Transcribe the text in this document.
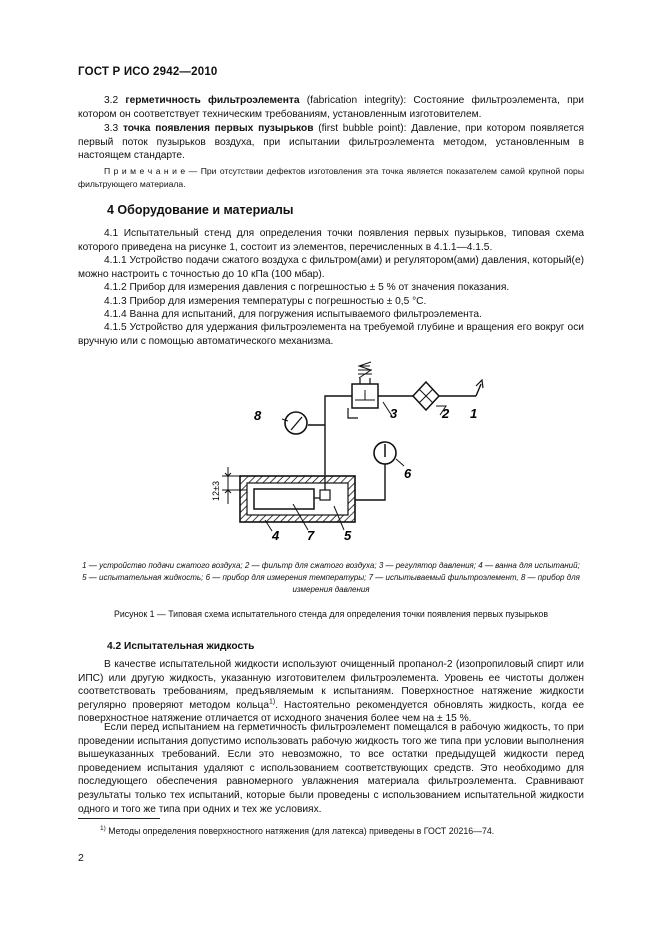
ГОСТ Р ИСО 2942—2010
3.2 герметичность фильтроэлемента (fabrication integrity): Состояние фильтроэлемента, при котором он соответствует техническим требованиям, установленным изготовителем.
3.3 точка появления первых пузырьков (first bubble point): Давление, при котором появляется первый поток пузырьков воздуха, при испытании фильтроэлемента методом, установленным в настоящем стандарте.
П р и м е ч а н и е — При отсутствии дефектов изготовления эта точка является показателем самой крупной поры фильтрующего материала.
4 Оборудование и материалы
4.1 Испытательный стенд для определения точки появления первых пузырьков, типовая схема которого приведена на рисунке 1, состоит из элементов, перечисленных в 4.1.1—4.1.5.
4.1.1 Устройство подачи сжатого воздуха с фильтром(ами) и регулятором(ами) давления, который(е) можно настроить с точностью до 10 кПа (100 мбар).
4.1.2 Прибор для измерения давления с погрешностью ± 5 % от значения показания.
4.1.3 Прибор для измерения температуры с погрешностью ± 0,5 °С.
4.1.4 Ванна для испытаний, для погружения испытываемого фильтроэлемента.
4.1.5 Устройство для удержания фильтроэлемента на требуемой глубине и вращения его вокруг оси вручную или с помощью автоматического механизма.
12±3
1
2
3
4	5
6
7
8
1 — устройство подачи сжатого воздуха; 2 — фильтр для сжатого воздуха; 3 — регулятор давления; 4 — ванна для испытаний;
5 — испытательная жидкость; 6 — прибор для измерения температуры; 7 — испытываемый фильтроэлемент, 8 — прибор для
измерения давления
Рисунок 1 — Типовая схема испытательного стенда для определения точки появления первых пузырьков
4.2 Испытательная жидкость
В качестве испытательной жидкости используют очищенный пропанол-2 (изопропиловый спирт или ИПС) или другую жидкость, указанную изготовителем фильтроэлемента. Уровень ее чистоты должен соответствовать требованиям, предъявляемым к испытаниям. Поверхностное натяжение жидкости регулярно проверяют методом кольца$^{1)}$. Настоятельно рекомендуется обновлять жидкость, когда ее поверхностное натяжение отличается от исходного значения более чем на ± 15 %.
Если перед испытанием на герметичность фильтроэлемент помещался в рабочую жидкость, то при проведении испытания допустимо использовать рабочую жидкость того же типа при условии выполнения вышеуказанных требований. Если это невозможно, то все остатки предыдущей жидкости перед проведением испытания удаляют с использованием соответствующих средств. Это необходимо для последующего обеспечения равномерного увлажнения материала фильтроэлемента. Сравнивают результаты только тех испытаний, которые были проведены с использованием испытательной жидкости одного и того же типа при одних и тех же условиях.
$^{1)}$ Методы определения поверхностного натяжения (для латекса) приведены в ГОСТ 20216—74.
2
